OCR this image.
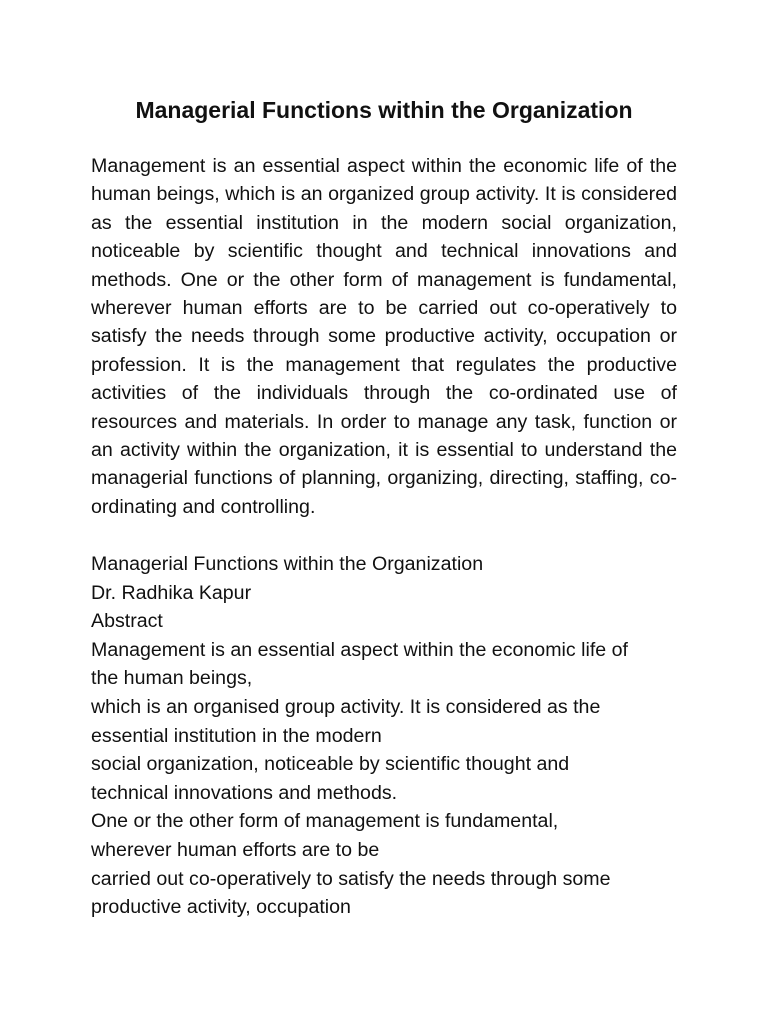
Managerial Functions within the Organization

Management is an essential aspect within the economic life of the human beings, which is an organized group activity. It is considered as the essential institution in the modern social organization, noticeable by scientific thought and technical innovations and methods. One or the other form of management is fundamental, wherever human efforts are to be carried out co-operatively to satisfy the needs through some productive activity, occupation or profession. It is the management that regulates the productive activities of the individuals through the co-ordinated use of resources and materials. In order to manage any task, function or an activity within the organization, it is essential to understand the managerial functions of planning, organizing, directing, staffing, co-ordinating and controlling.

Managerial Functions within the Organization
Dr. Radhika Kapur
Abstract
Management is an essential aspect within the economic life of
the human beings,
which is an organised group activity. It is considered as the
essential institution in the modern
social organization, noticeable by scientific thought and
technical innovations and methods.
One or the other form of management is fundamental,
wherever human efforts are to be
carried out co-operatively to satisfy the needs through some
productive activity, occupation
